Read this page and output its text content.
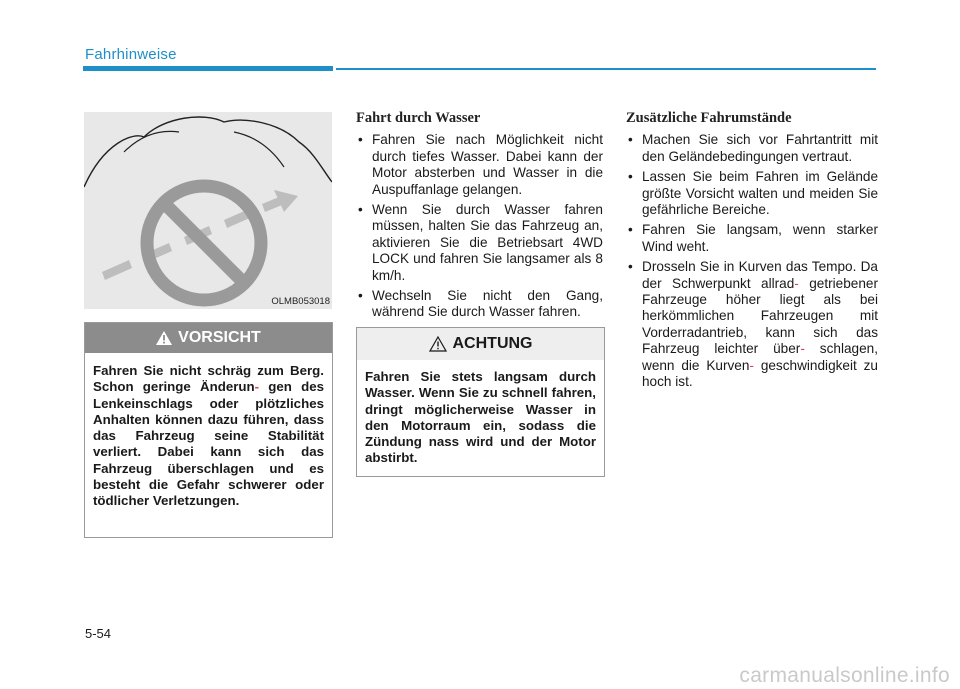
Fahrhinweise
OLMB053018
VORSICHT
Fahren Sie nicht schräg zum Berg. Schon geringe Änderun- gen des Lenkeinschlags oder plötzliches Anhalten können dazu führen, dass das Fahrzeug seine Stabilität verliert. Dabei kann sich das Fahrzeug überschlagen und es besteht die Gefahr schwerer oder tödlicher Verletzungen.
Fahrt durch Wasser
• Fahren Sie nach Möglichkeit nicht durch tiefes Wasser. Dabei kann der Motor absterben und Wasser in die Auspuffanlage gelangen.
• Wenn Sie durch Wasser fahren müssen, halten Sie das Fahrzeug an, aktivieren Sie die Betriebsart 4WD LOCK und fahren Sie langsamer als 8 km/h.
• Wechseln Sie nicht den Gang, während Sie durch Wasser fahren.
ACHTUNG
Fahren Sie stets langsam durch Wasser. Wenn Sie zu schnell fahren, dringt möglicherweise Wasser in den Motorraum ein, sodass die Zündung nass wird und der Motor abstirbt.
Zusätzliche Fahrumstände
• Machen Sie sich vor Fahrtantritt mit den Geländebedingungen vertraut.
• Lassen Sie beim Fahren im Gelände größte Vorsicht walten und meiden Sie gefährliche Bereiche.
• Fahren Sie langsam, wenn starker Wind weht.
• Drosseln Sie in Kurven das Tempo. Da der Schwerpunkt allrad- getriebener Fahrzeuge höher liegt als bei herkömmlichen Fahrzeugen mit Vorderradantrieb, kann sich das Fahrzeug leichter über- schlagen, wenn die Kurven- geschwindigkeit zu hoch ist.
5-54
carmanualsonline.info
